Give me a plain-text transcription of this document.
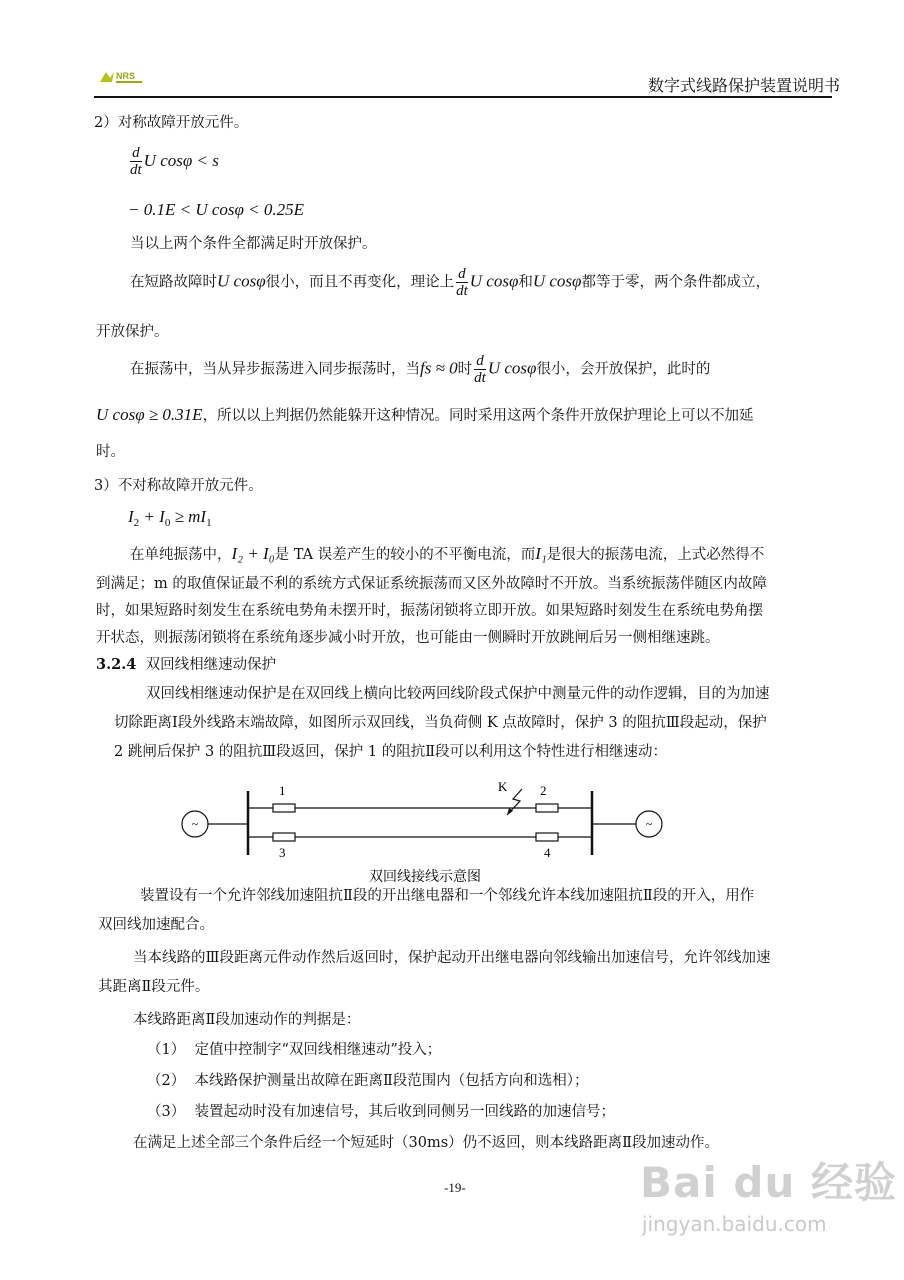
NRS	数字式线路保护装置说明书
2）对称故障开放元件。
$\frac{d}{dt}$ U cosφ < s
− 0.1E < U cosφ < 0.25E
当以上两个条件全都满足时开放保护。
在短路故障时U cosφ很小，而且不再变化，理论上 $\frac{d}{dt}$ U cosφ和U cosφ都等于零，两个条件都成立，
开放保护。
在振荡中，当从异步振荡进入同步振荡时，当fs ≈ 0时 $\frac{d}{dt}$ U cosφ很小，会开放保护，此时的
U cosφ ≥ 0.31E，所以以上判据仍然能躲开这种情况。同时采用这两个条件开放保护理论上可以不加延
时。
3）不对称故障开放元件。
$I_2 + I_0 \ge mI_1$
在单纯振荡中，I₂ + I₀是 TA 误差产生的较小的不平衡电流，而I₁是很大的振荡电流，上式必然得不
到满足；m 的取值保证最不利的系统方式保证系统振荡而又区外故障时不开放。当系统振荡伴随区内故障
时，如果短路时刻发生在系统电势角未摆开时，振荡闭锁将立即开放。如果短路时刻发生在系统电势角摆
开状态，则振荡闭锁将在系统角逐步减小时开放，也可能由一侧瞬时开放跳闸后另一侧相继速跳。
3.2.4 双回线相继速动保护
双回线相继速动保护是在双回线上横向比较两回线阶段式保护中测量元件的动作逻辑，目的为加速
切除距离Ⅰ段外线路末端故障，如图所示双回线，当负荷侧 K 点故障时，保护 3 的阻抗Ⅲ段起动，保护
2 跳闸后保护 3 的阻抗Ⅲ段返回，保护 1 的阻抗Ⅱ段可以利用这个特性进行相继速动：
~
1	2
3	4
K
~
双回线接线示意图
装置设有一个允许邻线加速阻抗Ⅱ段的开出继电器和一个邻线允许本线加速阻抗Ⅱ段的开入，用作
双回线加速配合。
当本线路的Ⅲ段距离元件动作然后返回时，保护起动开出继电器向邻线输出加速信号，允许邻线加速
其距离Ⅱ段元件。
本线路距离Ⅱ段加速动作的判据是：
（1） 定值中控制字“双回线相继速动”投入；
（2） 本线路保护测量出故障在距离Ⅱ段范围内（包括方向和选相）；
（3） 装置起动时没有加速信号，其后收到同侧另一回线路的加速信号；
在满足上述全部三个条件后经一个短延时（30ms）仍不返回，则本线路距离Ⅱ段加速动作。
-19-	Bai du 经验
jingyan.baidu.com
